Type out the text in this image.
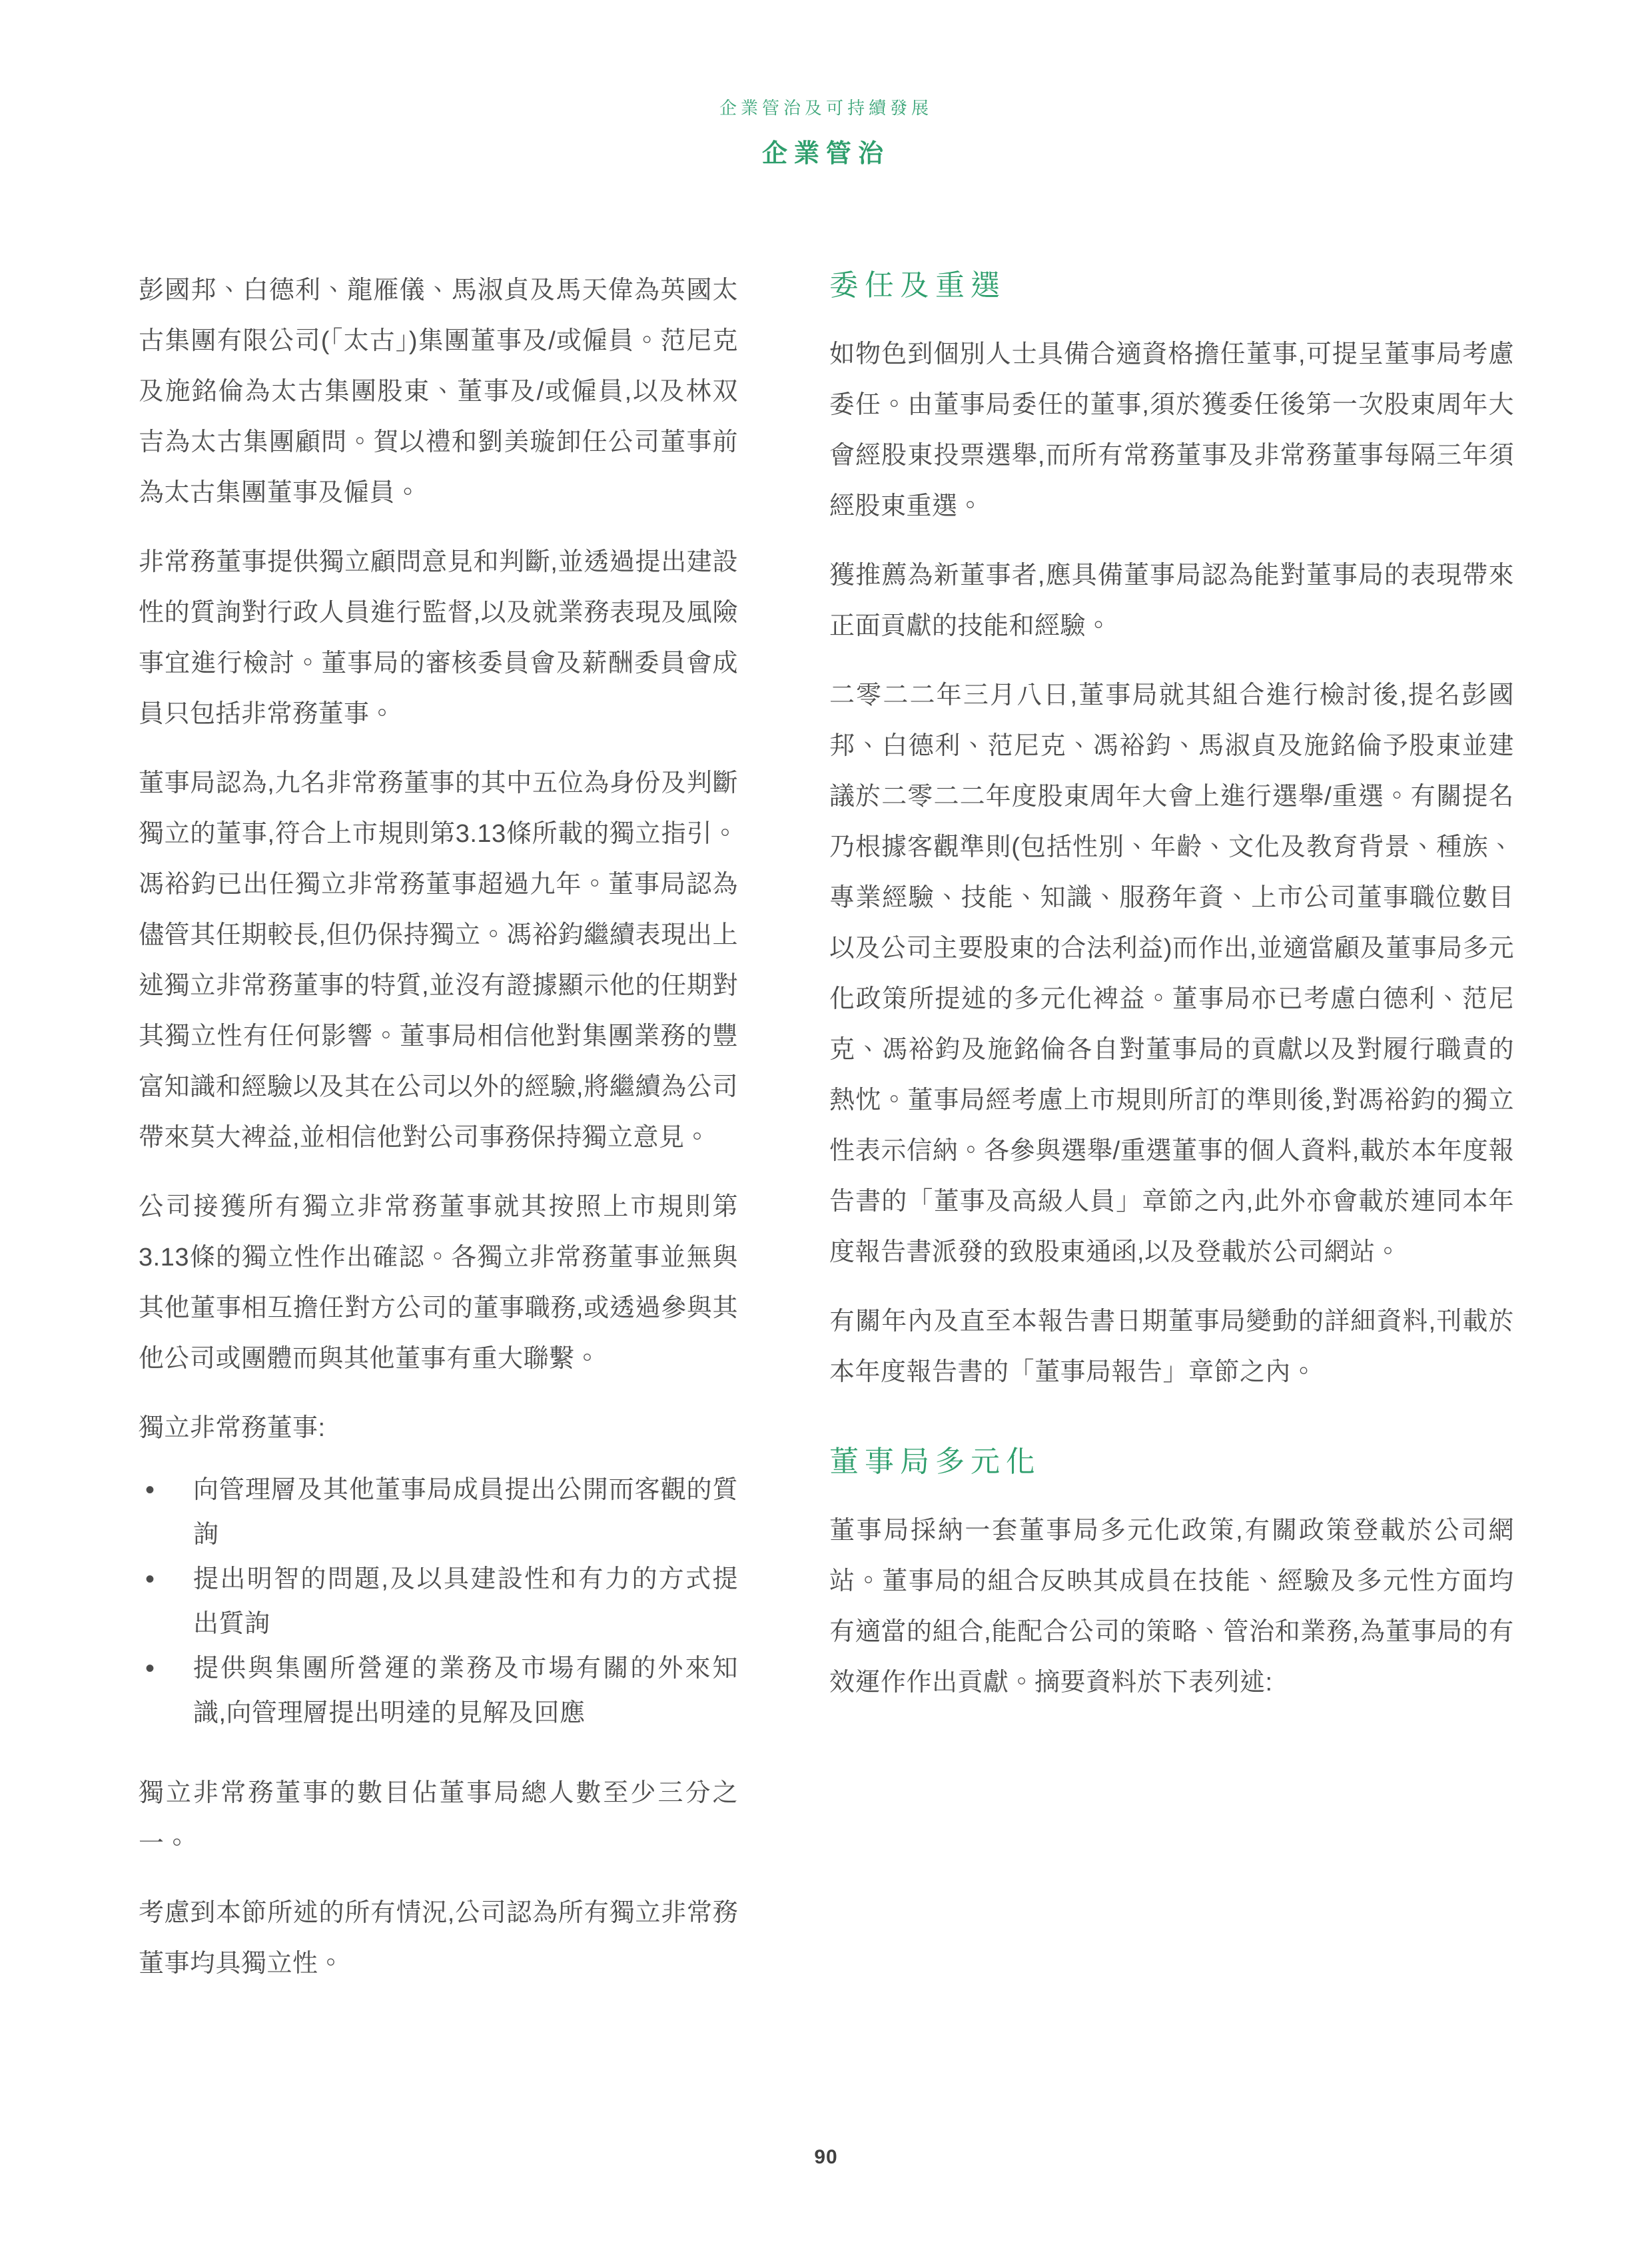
企業管治及可持續發展
企業管治

彭國邦、白德利、龍雁儀、馬淑貞及馬天偉為英國太古集團有限公司(「太古」)集團董事及/或僱員。范尼克及施銘倫為太古集團股東、董事及/或僱員,以及林双吉為太古集團顧問。賀以禮和劉美璇卸任公司董事前為太古集團董事及僱員。

非常務董事提供獨立顧問意見和判斷,並透過提出建設性的質詢對行政人員進行監督,以及就業務表現及風險事宜進行檢討。董事局的審核委員會及薪酬委員會成員只包括非常務董事。

董事局認為,九名非常務董事的其中五位為身份及判斷獨立的董事,符合上市規則第3.13條所載的獨立指引。馮裕鈞已出任獨立非常務董事超過九年。董事局認為儘管其任期較長,但仍保持獨立。馮裕鈞繼續表現出上述獨立非常務董事的特質,並沒有證據顯示他的任期對其獨立性有任何影響。董事局相信他對集團業務的豐富知識和經驗以及其在公司以外的經驗,將繼續為公司帶來莫大裨益,並相信他對公司事務保持獨立意見。

公司接獲所有獨立非常務董事就其按照上市規則第3.13條的獨立性作出確認。各獨立非常務董事並無與其他董事相互擔任對方公司的董事職務,或透過參與其他公司或團體而與其他董事有重大聯繫。

獨立非常務董事:

• 向管理層及其他董事局成員提出公開而客觀的質詢
• 提出明智的問題,及以具建設性和有力的方式提出質詢
• 提供與集團所營運的業務及市場有關的外來知識,向管理層提出明達的見解及回應

獨立非常務董事的數目佔董事局總人數至少三分之一。

考慮到本節所述的所有情況,公司認為所有獨立非常務董事均具獨立性。

委任及重選

如物色到個別人士具備合適資格擔任董事,可提呈董事局考慮委任。由董事局委任的董事,須於獲委任後第一次股東周年大會經股東投票選舉,而所有常務董事及非常務董事每隔三年須經股東重選。

獲推薦為新董事者,應具備董事局認為能對董事局的表現帶來正面貢獻的技能和經驗。

二零二二年三月八日,董事局就其組合進行檢討後,提名彭國邦、白德利、范尼克、馮裕鈞、馬淑貞及施銘倫予股東並建議於二零二二年度股東周年大會上進行選舉/重選。有關提名乃根據客觀準則(包括性別、年齡、文化及教育背景、種族、專業經驗、技能、知識、服務年資、上市公司董事職位數目以及公司主要股東的合法利益)而作出,並適當顧及董事局多元化政策所提述的多元化裨益。董事局亦已考慮白德利、范尼克、馮裕鈞及施銘倫各自對董事局的貢獻以及對履行職責的熱忱。董事局經考慮上市規則所訂的準則後,對馮裕鈞的獨立性表示信納。各參與選舉/重選董事的個人資料,載於本年度報告書的「董事及高級人員」章節之內,此外亦會載於連同本年度報告書派發的致股東通函,以及登載於公司網站。

有關年內及直至本報告書日期董事局變動的詳細資料,刊載於本年度報告書的「董事局報告」章節之內。

董事局多元化

董事局採納一套董事局多元化政策,有關政策登載於公司網站。董事局的組合反映其成員在技能、經驗及多元性方面均有適當的組合,能配合公司的策略、管治和業務,為董事局的有效運作作出貢獻。摘要資料於下表列述:

90
